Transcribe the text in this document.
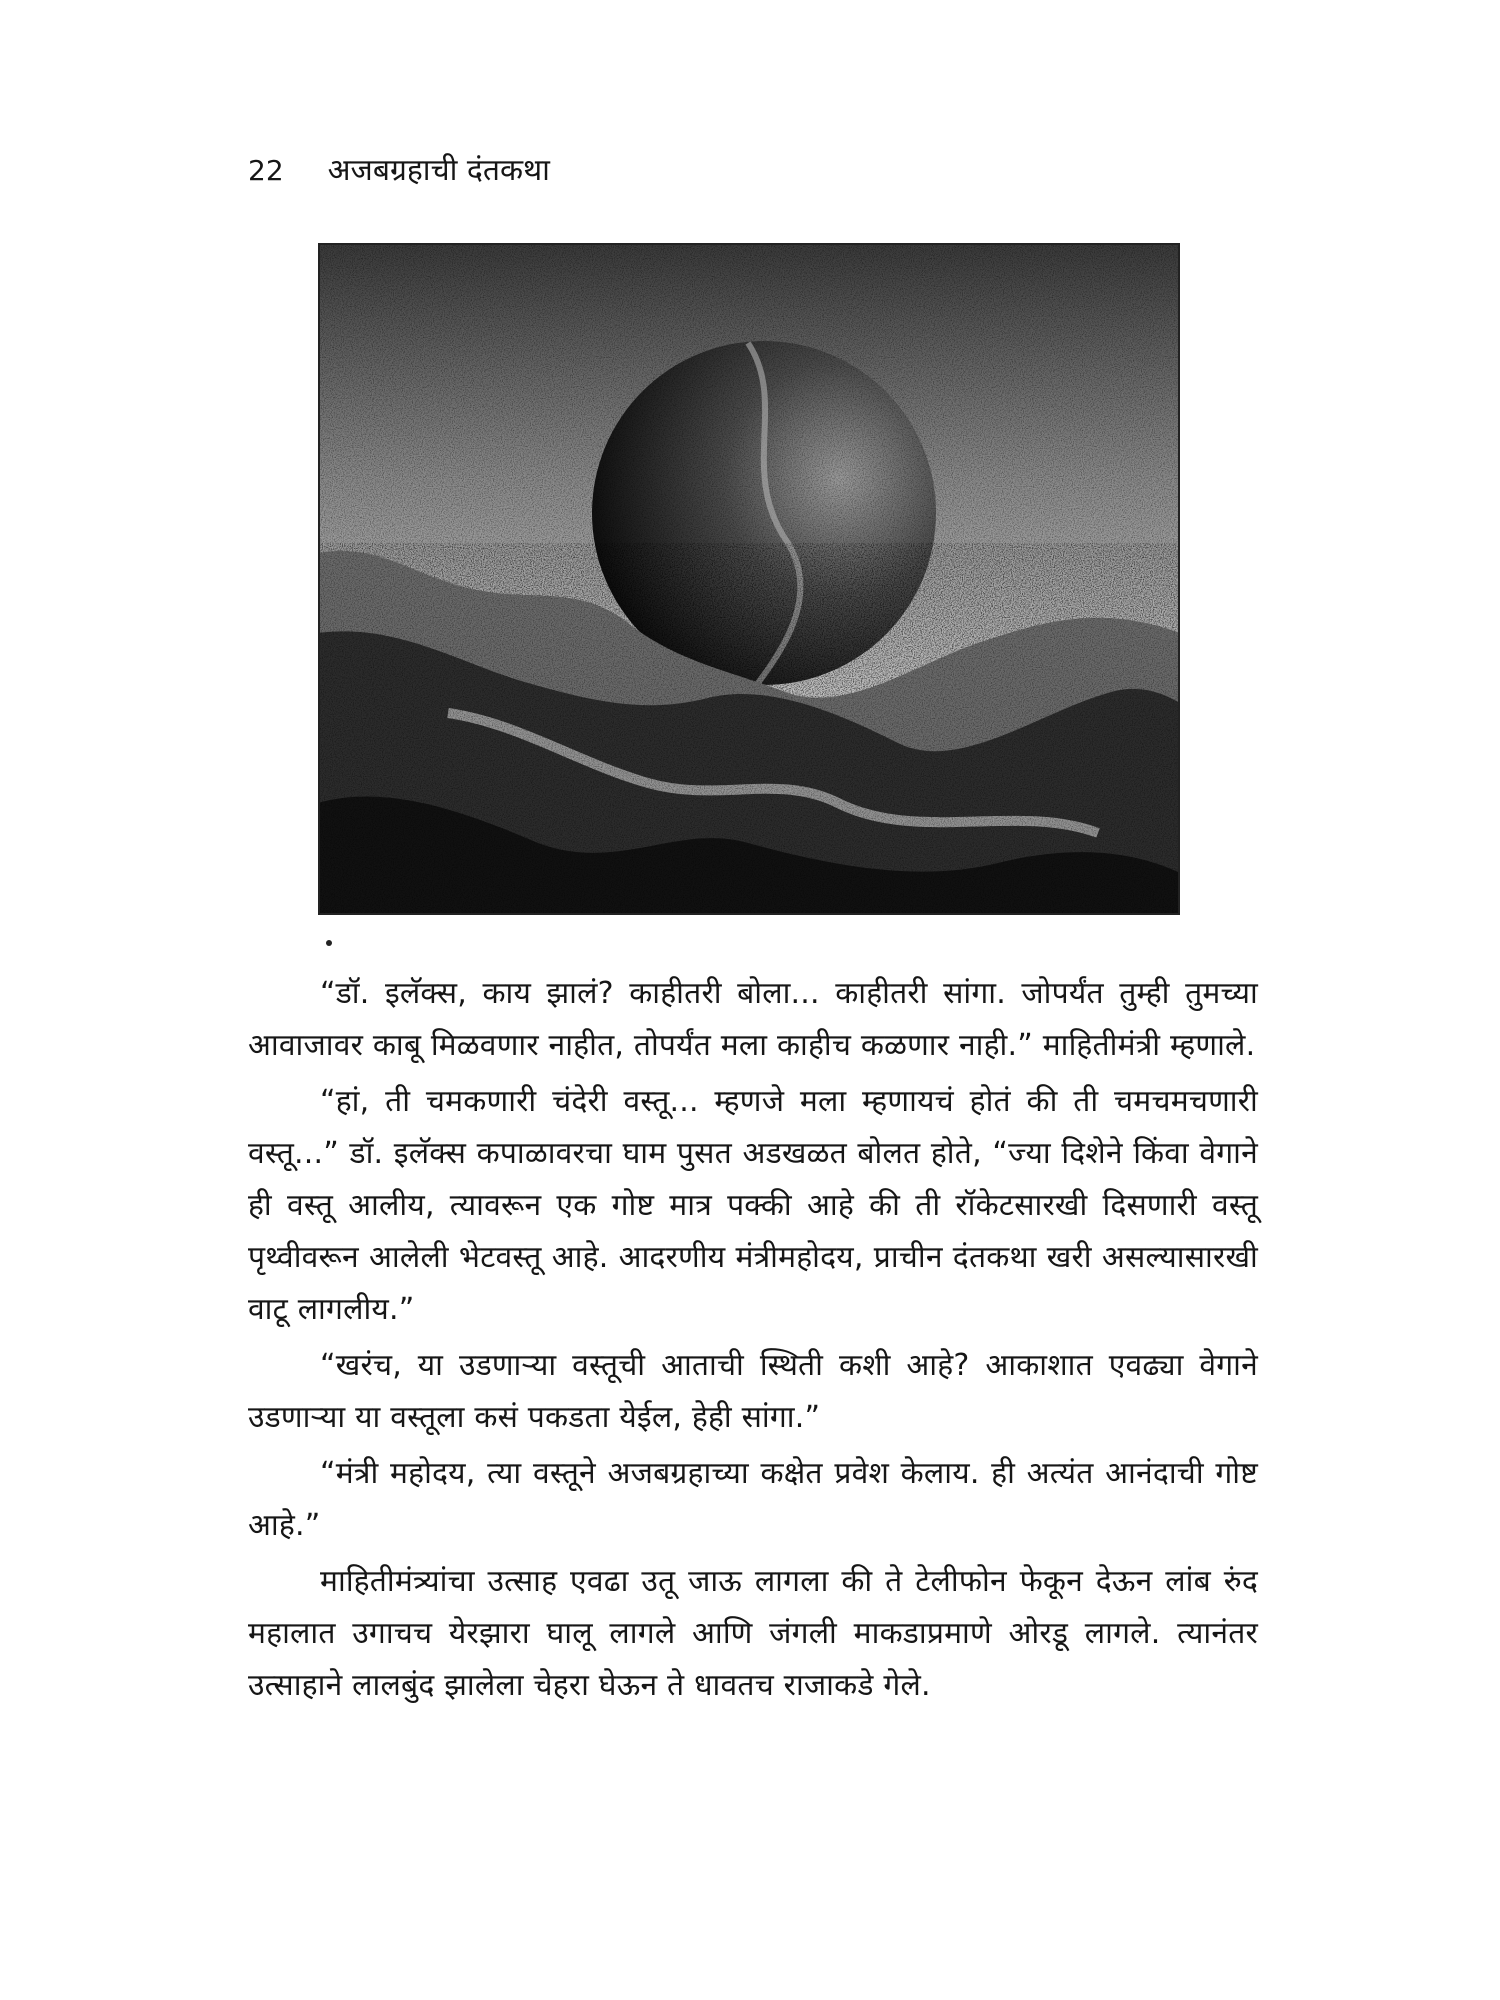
22 अजबग्रहाची दंतकथा

“डॉ. इलॅक्स, काय झालं? काहीतरी बोला... काहीतरी सांगा. जोपर्यंत तुम्ही तुमच्या आवाजावर काबू मिळवणार नाहीत, तोपर्यंत मला काहीच कळणार नाही.” माहितीमंत्री म्हणाले.

“हां, ती चमकणारी चंदेरी वस्तू... म्हणजे मला म्हणायचं होतं की ती चमचमचणारी वस्तू...” डॉ. इलॅक्स कपाळावरचा घाम पुसत अडखळत बोलत होते, “ज्या दिशेने किंवा वेगाने ही वस्तू आलीय, त्यावरून एक गोष्ट मात्र पक्की आहे की ती रॉकेटसारखी दिसणारी वस्तू पृथ्वीवरून आलेली भेटवस्तू आहे. आदरणीय मंत्रीमहोदय, प्राचीन दंतकथा खरी असल्यासारखी वाटू लागलीय.”

“खरंच, या उडणाऱ्या वस्तूची आताची स्थिती कशी आहे? आकाशात एवढ्या वेगाने उडणाऱ्या या वस्तूला कसं पकडता येईल, हेही सांगा.”

“मंत्री महोदय, त्या वस्तूने अजबग्रहाच्या कक्षेत प्रवेश केलाय. ही अत्यंत आनंदाची गोष्ट आहे.”

माहितीमंत्र्यांचा उत्साह एवढा उतू जाऊ लागला की ते टेलीफोन फेकून देऊन लांब रुंद महालात उगाचच येरझारा घालू लागले आणि जंगली माकडाप्रमाणे ओरडू लागले. त्यानंतर उत्साहाने लालबुंद झालेला चेहरा घेऊन ते धावतच राजाकडे गेले.
